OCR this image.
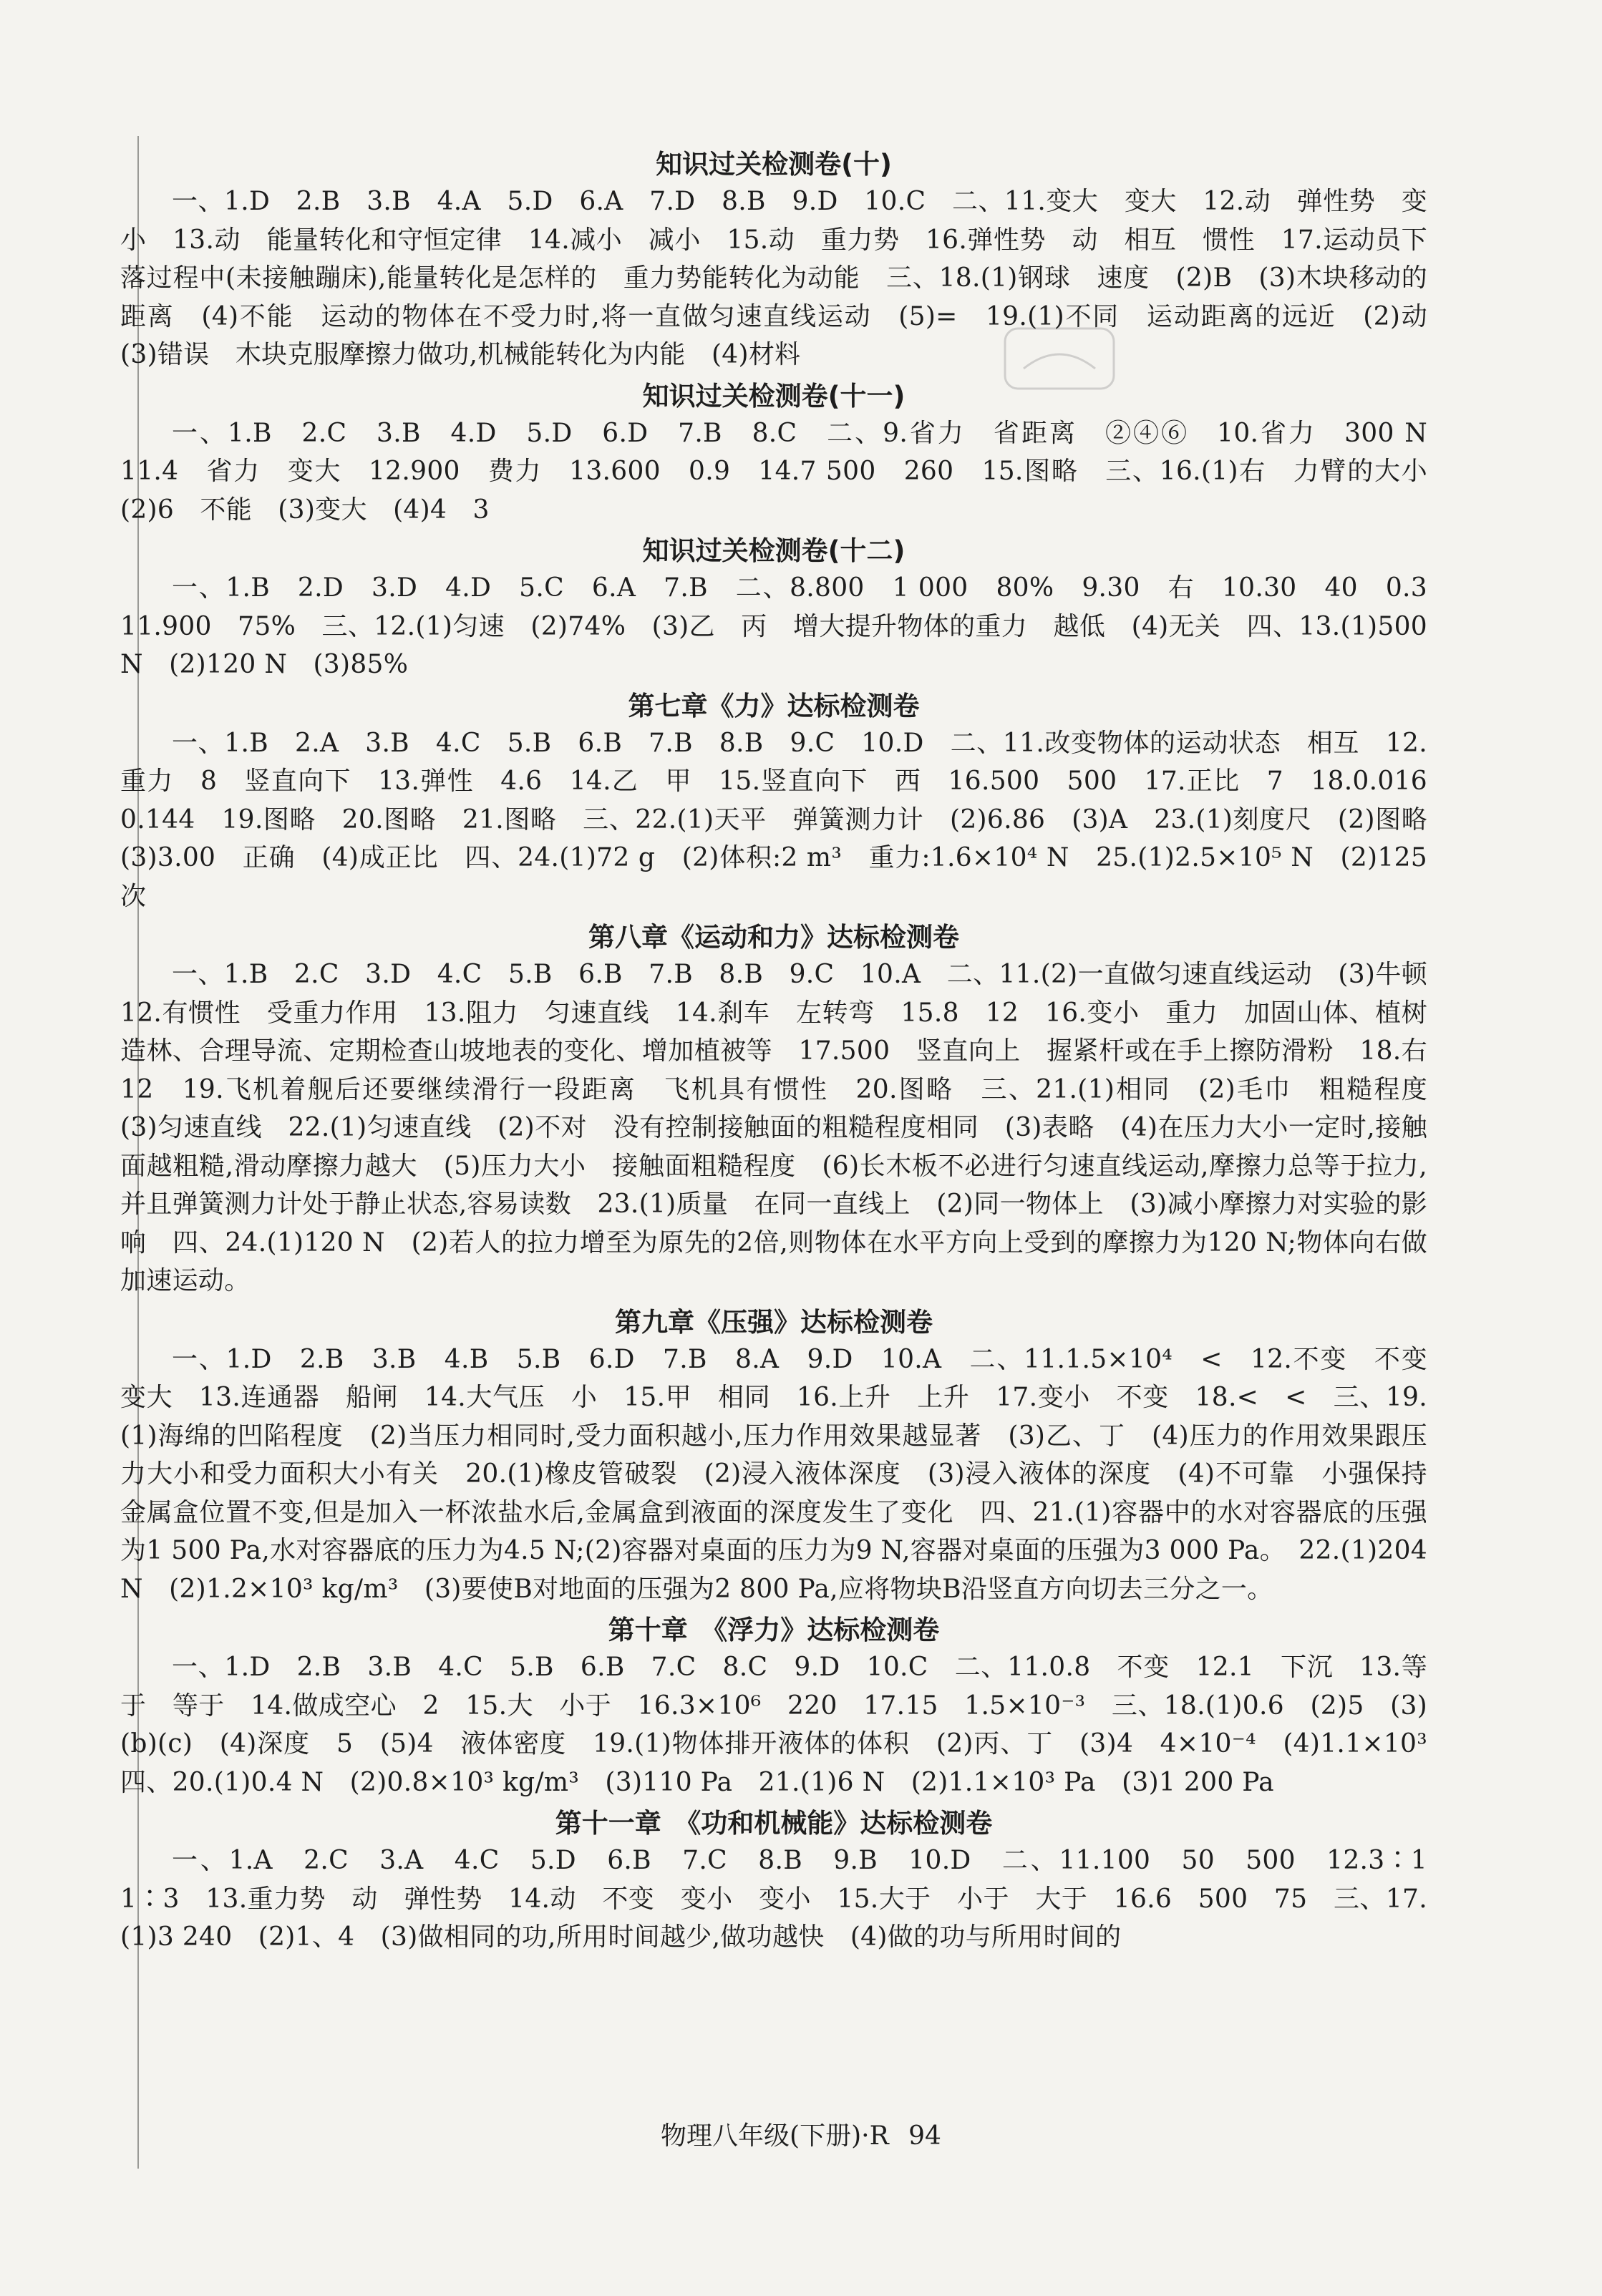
知识过关检测卷(十)

一、1.D　2.B　3.B　4.A　5.D　6.A　7.D　8.B　9.D　10.C　二、11.变大　变大　12.动　弹性势　变小　13.动　能量转化和守恒定律　14.减小　减小　15.动　重力势　16.弹性势　动　相互　惯性　17.运动员下落过程中(未接触蹦床),能量转化是怎样的　重力势能转化为动能　三、18.(1)钢球　速度　(2)B　(3)木块移动的距离　(4)不能　运动的物体在不受力时,将一直做匀速直线运动　(5)=　19.(1)不同　运动距离的远近　(2)动　(3)错误　木块克服摩擦力做功,机械能转化为内能　(4)材料

知识过关检测卷(十一)

一、1.B　2.C　3.B　4.D　5.D　6.D　7.B　8.C　二、9.省力　省距离　②④⑥　10.省力　300 N　11.4　省力　变大　12.900　费力　13.600　0.9　14.7 500　260　15.图略　三、16.(1)右　力臂的大小　(2)6　不能　(3)变大　(4)4　3

知识过关检测卷(十二)

一、1.B　2.D　3.D　4.D　5.C　6.A　7.B　二、8.800　1 000　80%　9.30　右　10.30　40　0.3　11.900　75%　三、12.(1)匀速　(2)74%　(3)乙　丙　增大提升物体的重力　越低　(4)无关　四、13.(1)500 N　(2)120 N　(3)85%

第七章《力》达标检测卷

一、1.B　2.A　3.B　4.C　5.B　6.B　7.B　8.B　9.C　10.D　二、11.改变物体的运动状态　相互　12.重力　8　竖直向下　13.弹性　4.6　14.乙　甲　15.竖直向下　西　16.500　500　17.正比　7　18.0.016　0.144　19.图略　20.图略　21.图略　三、22.(1)天平　弹簧测力计　(2)6.86　(3)A　23.(1)刻度尺　(2)图略　(3)3.00　正确　(4)成正比　四、24.(1)72 g　(2)体积:2 m³　重力:1.6×10⁴ N　25.(1)2.5×10⁵ N　(2)125次

第八章《运动和力》达标检测卷

一、1.B　2.C　3.D　4.C　5.B　6.B　7.B　8.B　9.C　10.A　二、11.(2)一直做匀速直线运动　(3)牛顿　12.有惯性　受重力作用　13.阻力　匀速直线　14.刹车　左转弯　15.8　12　16.变小　重力　加固山体、植树造林、合理导流、定期检查山坡地表的变化、增加植被等　17.500　竖直向上　握紧杆或在手上擦防滑粉　18.右　12　19.飞机着舰后还要继续滑行一段距离　飞机具有惯性　20.图略　三、21.(1)相同　(2)毛巾　粗糙程度　(3)匀速直线　22.(1)匀速直线　(2)不对　没有控制接触面的粗糙程度相同　(3)表略　(4)在压力大小一定时,接触面越粗糙,滑动摩擦力越大　(5)压力大小　接触面粗糙程度　(6)长木板不必进行匀速直线运动,摩擦力总等于拉力,并且弹簧测力计处于静止状态,容易读数　23.(1)质量　在同一直线上　(2)同一物体上　(3)减小摩擦力对实验的影响　四、24.(1)120 N　(2)若人的拉力增至为原先的2倍,则物体在水平方向上受到的摩擦力为120 N;物体向右做加速运动。

第九章《压强》达标检测卷

一、1.D　2.B　3.B　4.B　5.B　6.D　7.B　8.A　9.D　10.A　二、11.1.5×10⁴　<　12.不变　不变　变大　13.连通器　船闸　14.大气压　小　15.甲　相同　16.上升　上升　17.变小　不变　18.<　<　三、19.(1)海绵的凹陷程度　(2)当压力相同时,受力面积越小,压力作用效果越显著　(3)乙、丁　(4)压力的作用效果跟压力大小和受力面积大小有关　20.(1)橡皮管破裂　(2)浸入液体深度　(3)浸入液体的深度　(4)不可靠　小强保持金属盒位置不变,但是加入一杯浓盐水后,金属盒到液面的深度发生了变化　四、21.(1)容器中的水对容器底的压强为1 500 Pa,水对容器底的压力为4.5 N;(2)容器对桌面的压力为9 N,容器对桌面的压强为3 000 Pa。　22.(1)204 N　(2)1.2×10³ kg/m³　(3)要使B对地面的压强为2 800 Pa,应将物块B沿竖直方向切去三分之一。

第十章　《浮力》达标检测卷

一、1.D　2.B　3.B　4.C　5.B　6.B　7.C　8.C　9.D　10.C　二、11.0.8　不变　12.1　下沉　13.等于　等于　14.做成空心　2　15.大　小于　16.3×10⁶　220　17.15　1.5×10⁻³　三、18.(1)0.6　(2)5　(3)(b)(c)　(4)深度　5　(5)4　液体密度　19.(1)物体排开液体的体积　(2)丙、丁　(3)4　4×10⁻⁴　(4)1.1×10³　四、20.(1)0.4 N　(2)0.8×10³ kg/m³　(3)110 Pa　21.(1)6 N　(2)1.1×10³ Pa　(3)1 200 Pa

第十一章　《功和机械能》达标检测卷

一、1.A　2.C　3.A　4.C　5.D　6.B　7.C　8.B　9.B　10.D　二、11.100　50　500　12.3∶1　1∶3　13.重力势　动　弹性势　14.动　不变　变小　变小　15.大于　小于　大于　16.6　500　75　三、17.(1)3 240　(2)1、4　(3)做相同的功,所用时间越少,做功越快　(4)做的功与所用时间的

物理八年级(下册)·R 94
